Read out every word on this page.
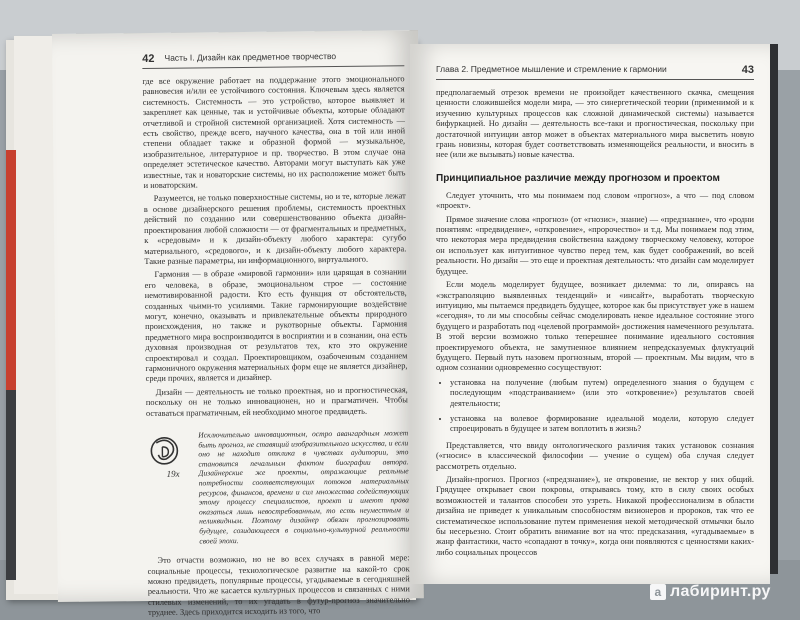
42 Часть I. Дизайн как предметное творчество

где все окружение работает на поддержание этого эмоционального равновесия и/или ее устойчивого состояния. Ключевым здесь является системность. Системность — это устройство, которое выявляет и закрепляет как ценные, так и устойчивые объекты, которые обладают отчетливой и стройной системной организацией. Хотя системность — есть свойство, прежде всего, научного качества, она в той или иной степени обладает также и образной формой — музыкальное, изобразительное, литературное и пр. творчество. В этом случае она определяет эстетическое качество. Авторами могут выступать как уже известные, так и новаторские системы, но их расположение может быть и новаторским.

Разумеется, не только поверхностные системы, но и те, которые лежат в основе дизайнерского решения проблемы, системность проектных действий по созданию или совершенствованию объекта дизайн-проектирования любой сложности — от фрагментальных и предметных, к «средовым» и к дизайн-объекту любого характера: сугубо материального, «средового», и к дизайн-объекту любого характера. Такие разные параметры, ни информационного, виртуального.

Гармония — в образе «мировой гармонии» или царящая в сознании его человека, в образе, эмоциональном строе — состояние немотивированной радости. Кто есть функция от обстоятельств, созданных чьими-то усилиями. Такие гармонирующие воздействие могут, конечно, оказывать и привлекательные объекты природного происхождения, но также и рукотворные объекты. Гармония предметного мира воспроизводится в восприятии и в сознании, она есть духовная производная от результатов тех, кто это окружение спроектировал и создал. Проектировщиком, озабоченным созданием гармоничного окружения материальных форм еще не является дизайнер, среди прочих, является и дизайнер.

Дизайн — деятельность не только проектная, но и прогностическая, поскольку он не только инновационен, но и прагматичен. Чтобы оставаться прагматичным, ей необходимо многое предвидеть.

19х
Исключительно инновационным, остро авангардным может быть прогноз, не ставящий изобразительного искусства, и если оно не находит отклика в чувствах аудитории, это становится печальным фактом биографии автора. Дизайнерские же проекты, отражающие реальные потребности соответствующих потоков материальных ресурсов, финансов, времени и сил множества содействующих этому процессу специалистов, проект и имеют права оказаться лишь невостребованным, то есть неуместным и неликвидным. Поэтому дизайнер обязан прогнозировать будущее, созидающееся в социально-культурной реальности своей эпохи.

Это отчасти возможно, но не во всех случаях в равной мере: социальные процессы, технологическое развитие на какой-то срок можно предвидеть, популярные процессы, угадываемые в сегодняшней реальности. Что же касается культурных процессов и связанных с ними стилевых изменений, то их угадать в футур-прогноз значительно труднее. Здесь приходится исходить из того, что

Глава 2. Предметное мышление и стремление к гармонии	43

предполагаемый отрезок времени не произойдет качественного скачка, смещения ценности сложившейся модели мира, — это синергетической теории (применимой и к изучению культурных процессов как сложной динамической системы) называется бифуркацией. Но дизайн — деятельность все-таки и прогностическая, поскольку при достаточной интуиции автор может в объектах материального мира высветить новую грань новизны, которая будет соответствовать изменяющейся реальности, и вносить в нее (или же вызывать) новые качества.

Принципиальное различие между прогнозом и проектом

Следует уточнить, что мы понимаем под словом «прогноз», а что — под словом «проект».

Прямое значение слова «прогноз» (от «гнозис», знание) — «предзнание», что «родни понятиям: «предвидение», «откровение», «пророчество» и т.д. Мы понимаем под этим, что некоторая мера предвидения свойственна каждому творческому человеку, которое он использует как интуитивное чувство перед тем, как будет соображений, во всей реальности. Но дизайн — это еще и проектная деятельность: что дизайн сам моделирует будущее.

Если модель моделирует будущее, возникает дилемма: то ли, опираясь на «экстраполяцию выявленных тенденций» и «инсайт», выработать творческую интуицию, мы пытаемся предвидеть будущее, которое как бы присутствует уже в нашем «сегодня», то ли мы способны сейчас смоделировать некое идеальное состояние этого будущего и разработать под «целевой программой» достижения намеченного результата. В этой версии возможно только теперешнее понимание идеального состояния проектируемого объекта, не замутненное влиянием непредсказуемых флуктуаций будущего. Первый путь назовем прогнозным, второй — проектным. Мы видим, что в одном сознании одновременно сосуществуют:

• установка на получение (любым путем) определенного знания о будущем с последующим «подстраиванием» (или это «откровение») результатов своей деятельности;
• установка на волевое формирование идеальной модели, которую следует спроецировать в будущее и затем воплотить в жизнь?

Представляется, что ввиду онтологического различия таких установок сознания («гносис» в классической философии — учение о сущем) оба случая следует рассмотреть отдельно.

Дизайн-прогноз. Прогноз («предзнание»), не откровение, не вектор у них общий. Грядущее открывает свои покровы, открываясь тому, кто в силу своих особых возможностей и талантов способен это узреть. Никакой профессионализм в области дизайна не приведет к уникальным способностям визионеров и пророков, так что ее систематическое использование путем применения некой методической отмычки было бы несерьезно. Стоит обратить внимание вот на что: предсказания, «угадываемые» в жанр фантастики, часто «сопадают в точку», когда они появляются с ценностями каких-либо социальных процессов

a лабиринт.ру
